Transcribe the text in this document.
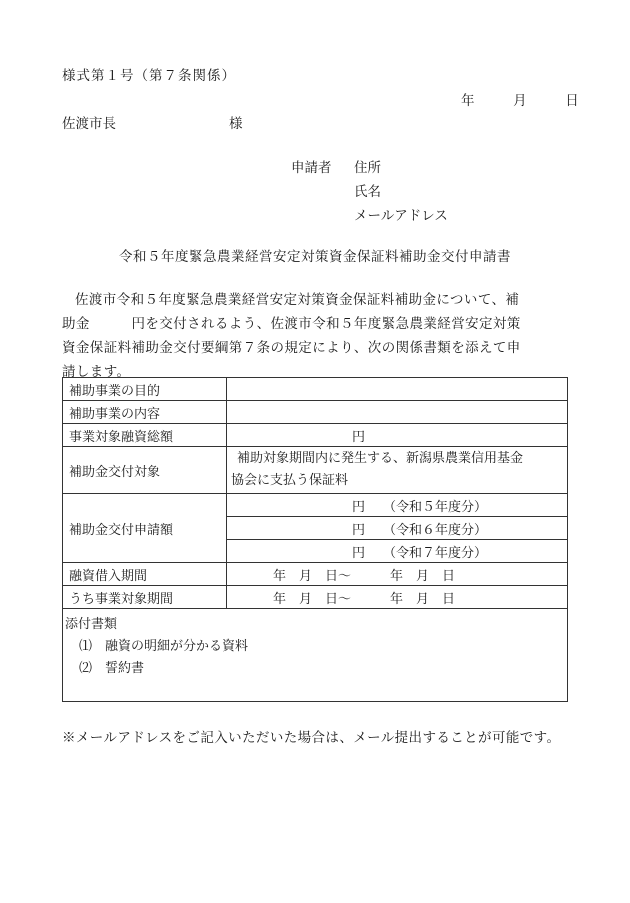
様式第１号（第７条関係）
年	月	日
佐渡市長	様
申請者 住所
氏名
メールアドレス
令和５年度緊急農業経営安定対策資金保証料補助金交付申請書
佐渡市令和５年度緊急農業経営安定対策資金保証料補助金について、補
助金　　　円を交付されるよう、佐渡市令和５年度緊急農業経営安定対策
資金保証料補助金交付要綱第７条の規定により、次の関係書類を添えて申
請します。
補助事業の目的	
補助事業の内容	
事業対象融資総額	円
補助金交付対象	補助対象期間内に発生する、新潟県農業信用基金
協会に支払う保証料

補助金交付申請額	円 （令和５年度分）
	円 （令和６年度分）
	円 （令和７年度分）
融資借入期間	年　月　日～　　　年　月　日
うち事業対象期間	年　月　日～　　　年　月　日

添付書類
⑴　融資の明細が分かる資料
⑵　誓約書	
※メールアドレスをご記入いただいた場合は、メール提出することが可能です。
